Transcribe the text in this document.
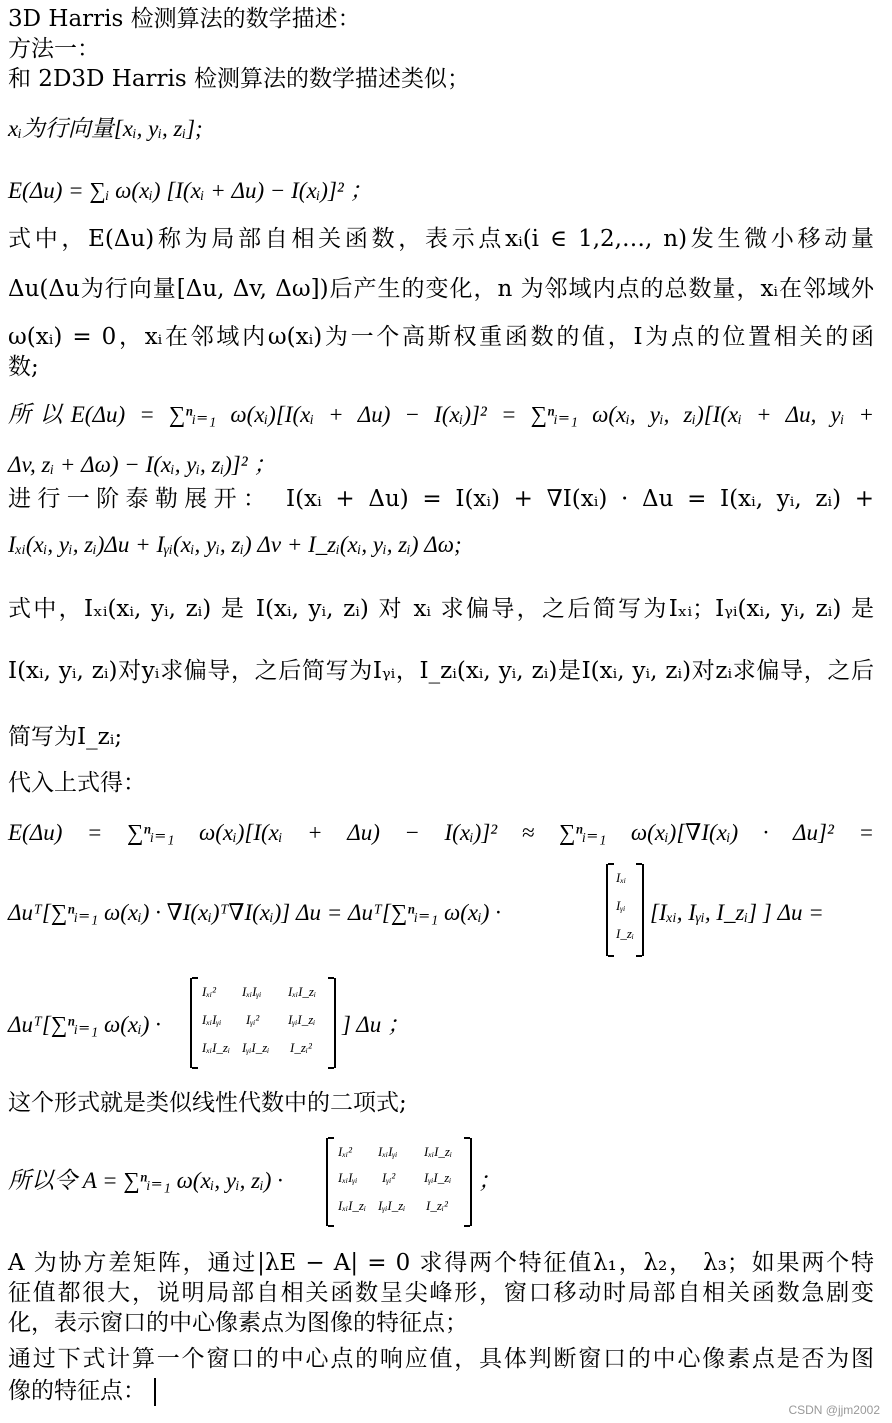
3D Harris 检测算法的数学描述：
方法一：
和 2D3D Harris 检测算法的数学描述类似；
xᵢ为行向量[xᵢ, yᵢ, zᵢ];
E(Δu) = ∑ᵢ ω(xᵢ) [I(xᵢ + Δu) − I(xᵢ)]² ；
式中，E(Δu)称为局部自相关函数，表示点xᵢ(i ∈ 1,2,…, n)发生微小移动量
Δu(Δu为行向量[Δu, Δv, Δω])后产生的变化，n 为邻域内点的总数量，xᵢ在邻域外
ω(xᵢ) = 0，xᵢ在邻域内ω(xᵢ)为一个高斯权重函数的值，I为点的位置相关的函
数;
所以E(Δu) = ∑ⁿᵢ₌₁ ω(xᵢ)[I(xᵢ + Δu) − I(xᵢ)]² = ∑ⁿᵢ₌₁ ω(xᵢ, yᵢ, zᵢ)[I(xᵢ + Δu, yᵢ +
Δv, zᵢ + Δω) − I(xᵢ, yᵢ, zᵢ)]² ；
进行一阶泰勒展开： I(xᵢ + Δu) = I(xᵢ) + ∇I(xᵢ) · Δu = I(xᵢ, yᵢ, zᵢ) +
Iₓᵢ(xᵢ, yᵢ, zᵢ)Δu + Iᵧᵢ(xᵢ, yᵢ, zᵢ) Δv + I_zᵢ(xᵢ, yᵢ, zᵢ) Δω;
式中，Iₓᵢ(xᵢ, yᵢ, zᵢ) 是 I(xᵢ, yᵢ, zᵢ) 对 xᵢ 求偏导，之后简写为Iₓᵢ；Iᵧᵢ(xᵢ, yᵢ, zᵢ) 是
I(xᵢ, yᵢ, zᵢ)对yᵢ求偏导，之后简写为Iᵧᵢ，I_zᵢ(xᵢ, yᵢ, zᵢ)是I(xᵢ, yᵢ, zᵢ)对zᵢ求偏导，之后
简写为I_zᵢ;
代入上式得：
E(Δu) = ∑ⁿᵢ₌₁ ω(xᵢ)[I(xᵢ + Δu) − I(xᵢ)]² ≈ ∑ⁿᵢ₌₁ ω(xᵢ)[∇I(xᵢ) · Δu]² =
Δuᵀ[∑ⁿᵢ₌₁ ω(xᵢ) · ∇I(xᵢ)ᵀ∇I(xᵢ)] Δu = Δuᵀ[∑ⁿᵢ₌₁ ω(xᵢ) ·
Iₓᵢ
Iᵧᵢ
I_zᵢ
[Iₓᵢ, Iᵧᵢ, I_zᵢ] ] Δu =
Δuᵀ[∑ⁿᵢ₌₁ ω(xᵢ) ·
Iₓᵢ² IₓᵢIᵧᵢ IₓᵢI_zᵢ
IₓᵢIᵧᵢ Iᵧᵢ² IᵧᵢI_zᵢ
IₓᵢI_zᵢ IᵧᵢI_zᵢ I_zᵢ²
] Δu ；
这个形式就是类似线性代数中的二项式;
所以令 A = ∑ⁿᵢ₌₁ ω(xᵢ, yᵢ, zᵢ) ·
Iₓᵢ² IₓᵢIᵧᵢ IₓᵢI_zᵢ
IₓᵢIᵧᵢ Iᵧᵢ² IᵧᵢI_zᵢ
IₓᵢI_zᵢ IᵧᵢI_zᵢ I_zᵢ²
；
A 为协方差矩阵，通过|λE − A| = 0 求得两个特征值λ₁，λ₂， λ₃；如果两个特
征值都很大，说明局部自相关函数呈尖峰形，窗口移动时局部自相关函数急剧变
化，表示窗口的中心像素点为图像的特征点；
通过下式计算一个窗口的中心点的响应值，具体判断窗口的中心像素点是否为图
像的特征点：
CSDN @jjm2002
